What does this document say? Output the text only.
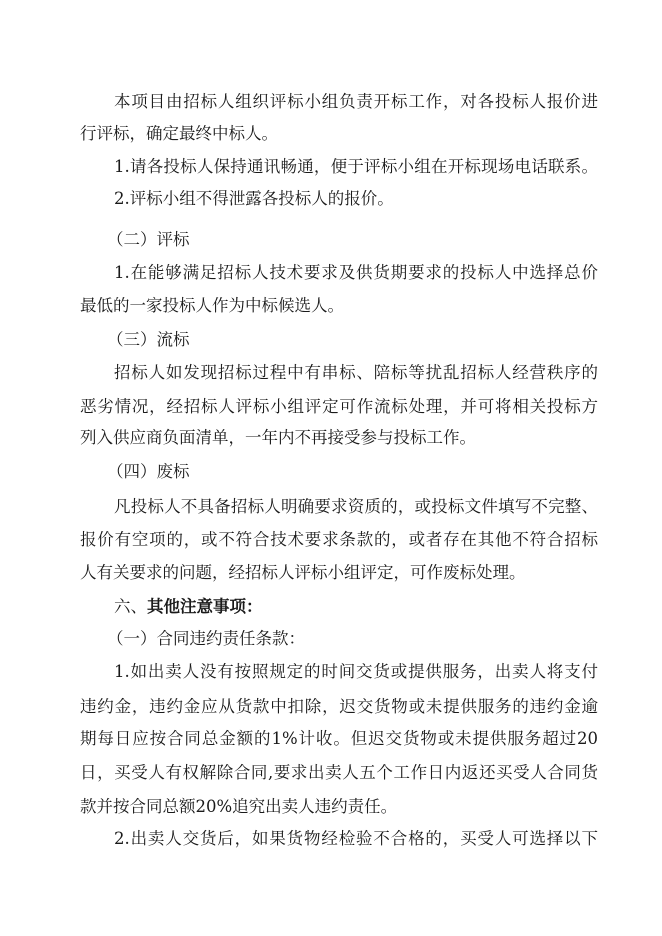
本项目由招标人组织评标小组负责开标工作，对各投标人报价进
行评标，确定最终中标人。
1.请各投标人保持通讯畅通，便于评标小组在开标现场电话联系。
2.评标小组不得泄露各投标人的报价。
（二）评标
1.在能够满足招标人技术要求及供货期要求的投标人中选择总价
最低的一家投标人作为中标候选人。
（三）流标
招标人如发现招标过程中有串标、陪标等扰乱招标人经营秩序的
恶劣情况，经招标人评标小组评定可作流标处理，并可将相关投标方
列入供应商负面清单，一年内不再接受参与投标工作。
（四）废标
凡投标人不具备招标人明确要求资质的，或投标文件填写不完整、
报价有空项的，或不符合技术要求条款的，或者存在其他不符合招标
人有关要求的问题，经招标人评标小组评定，可作废标处理。
六、其他注意事项：
（一）合同违约责任条款：
1.如出卖人没有按照规定的时间交货或提供服务，出卖人将支付
违约金，违约金应从货款中扣除，迟交货物或未提供服务的违约金逾
期每日应按合同总金额的1%计收。但迟交货物或未提供服务超过20
日，买受人有权解除合同,要求出卖人五个工作日内返还买受人合同货
款并按合同总额20%追究出卖人违约责任。
2.出卖人交货后，如果货物经检验不合格的，买受人可选择以下
